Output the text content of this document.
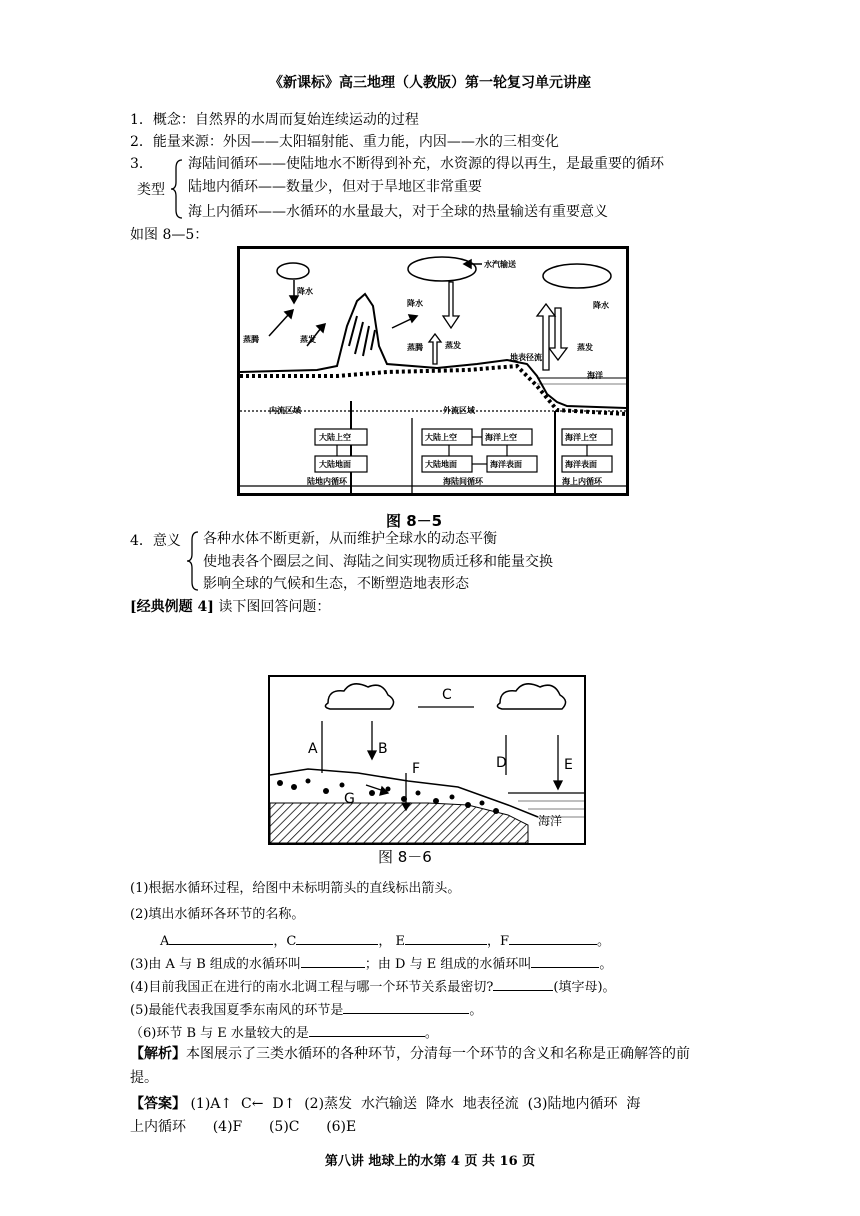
《新课标》高三地理（人教版）第一轮复习单元讲座
1．概念：自然界的水周而复始连续运动的过程
2．能量来源：外因——太阳辐射能、重力能，内因——水的三相变化
3．
类型
海陆间循环——使陆地水不断得到补充，水资源的得以再生，是最重要的循环
陆地内循环——数量少，但对于旱地区非常重要
海上内循环——水循环的水量最大，对于全球的热量输送有重要意义
如图 8—5：
水汽输送
降水
降水	降水
蒸腾
蒸腾
蒸发
蒸发	蒸发
地表径流
海洋
内流区域	外流区域
大陆上空
大陆地面
大陆上空	海洋上空
大陆地面	海洋表面
海洋上空
海洋表面
陆地内循环	海陆间循环	海上内循环
图 8－5
4．意义 各种水体不断更新，从而维护全球水的动态平衡
使地表各个圈层之间、海陆之间实现物质迁移和能量交换
影响全球的气候和生态，不断塑造地表形态
[经典例题 4] 读下图回答问题：
A	B
C
D	E
F
G
海洋
图 8－6
(1)根据水循环过程，给图中未标明箭头的直线标出箭头。
(2)填出水循环各环节的名称。
A	，C	， E	，F	。
(3)由 A 与 B 组成的水循环叫	；由 D 与 E 组成的水循环叫	。
(4)目前我国正在进行的南水北调工程与哪一个环节关系最密切?	(填字母)。
(5)最能代表我国夏季东南风的环节是	。
（6)环节 B 与 E 水量较大的是	。
【解析】本图展示了三类水循环的各种环节，分清每一个环节的含义和名称是正确解答的前
提。
【答案】 (1)A↑  C←  D↑  (2)蒸发  水汽输送  降水  地表径流  (3)陆地内循环  海
上内循环      (4)F      (5)C      (6)E
第八讲 地球上的水第 4 页 共 16 页
